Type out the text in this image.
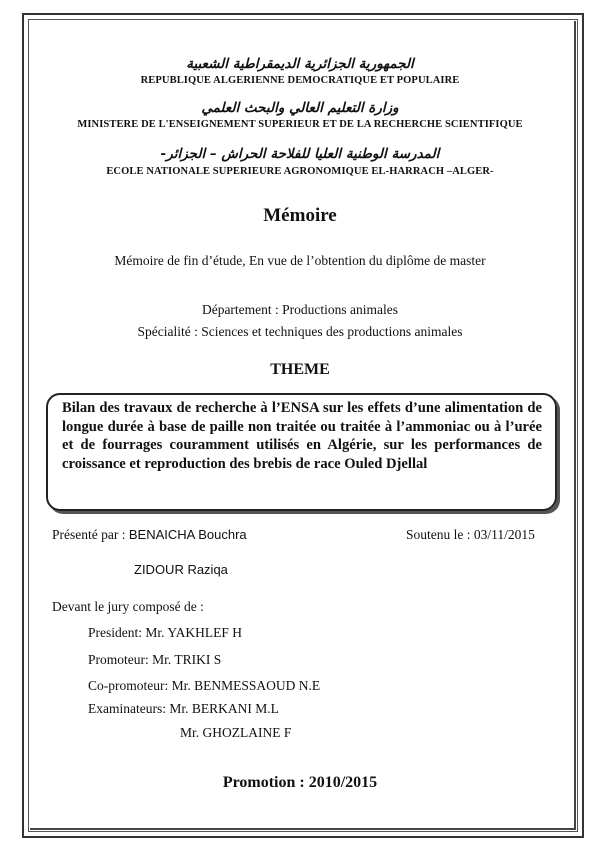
الجمهورية الجزائرية الديمقراطية الشعبية
REPUBLIQUE ALGERIENNE DEMOCRATIQUE ET POPULAIRE
وزارة التعليم العالي والبحث العلمي
MINISTERE DE L'ENSEIGNEMENT SUPERIEUR ET DE LA RECHERCHE SCIENTIFIQUE
المدرسة الوطنية العليا للفلاحة الحراش – الجزائر-
ECOLE NATIONALE SUPERIEURE AGRONOMIQUE EL-HARRACH –ALGER-
Mémoire
Mémoire de fin d’étude, En vue de l’obtention du diplôme de master
Département : Productions animales
Spécialité : Sciences et techniques des productions animales
THEME
Bilan des travaux de recherche à l’ENSA sur les effets d’une alimentation de longue durée à base de paille non traitée ou traitée à l’ammoniac ou à l’urée et de fourrages couramment utilisés en Algérie, sur les performances de croissance et reproduction des brebis de race Ouled Djellal
Présenté par : BENAICHA Bouchra	Soutenu le : 03/11/2015
ZIDOUR Raziqa
Devant le jury composé de :
President: Mr. YAKHLEF H
Promoteur: Mr. TRIKI S
Co-promoteur: Mr. BENMESSAOUD N.E
Examinateurs: Mr. BERKANI M.L
Mr. GHOZLAINE F
Promotion : 2010/2015
